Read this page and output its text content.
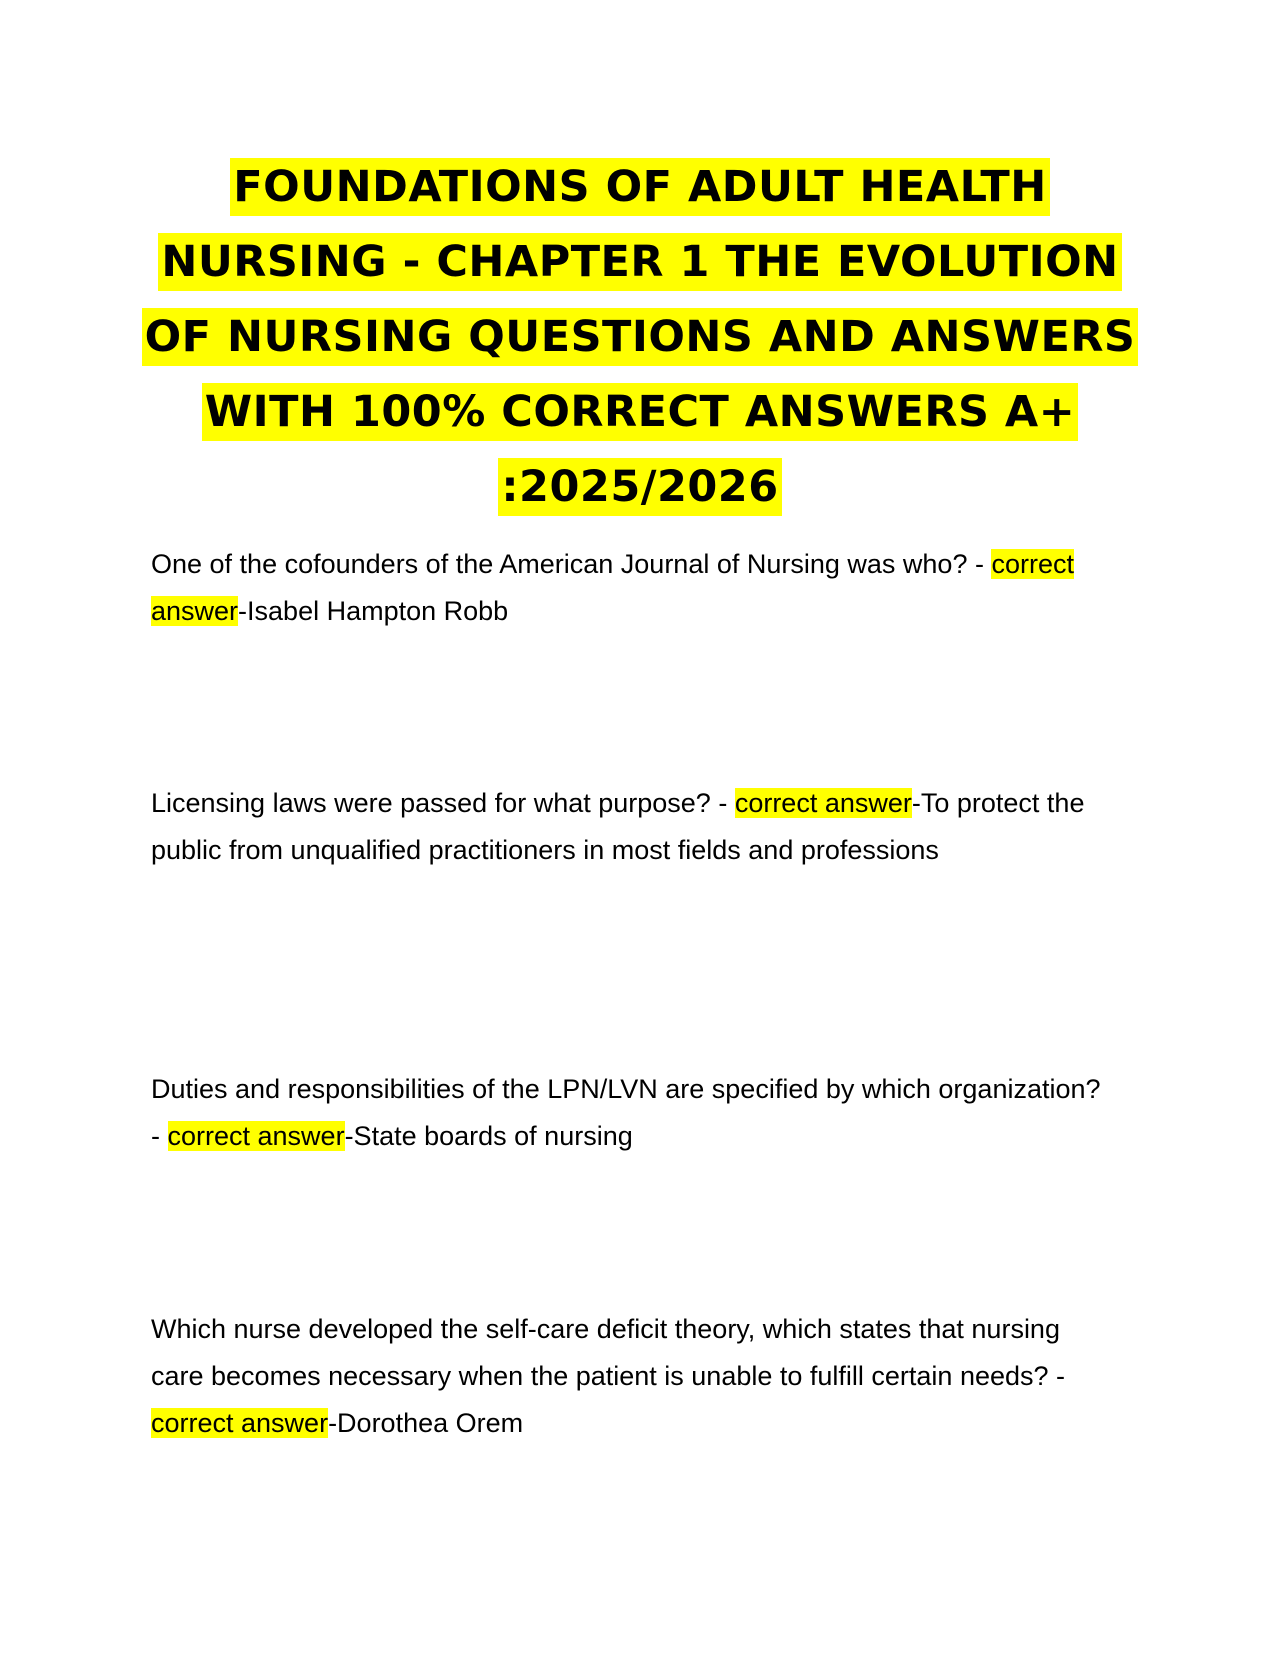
FOUNDATIONS OF ADULT HEALTH NURSING - CHAPTER 1 THE EVOLUTION OF NURSING QUESTIONS AND ANSWERS WITH 100% CORRECT ANSWERS A+ :2025/2026

One of the cofounders of the American Journal of Nursing was who? - correct answer-Isabel Hampton Robb

Licensing laws were passed for what purpose? - correct answer-To protect the public from unqualified practitioners in most fields and professions

Duties and responsibilities of the LPN/LVN are specified by which organization? - correct answer-State boards of nursing

Which nurse developed the self-care deficit theory, which states that nursing care becomes necessary when the patient is unable to fulfill certain needs? - correct answer-Dorothea Orem
